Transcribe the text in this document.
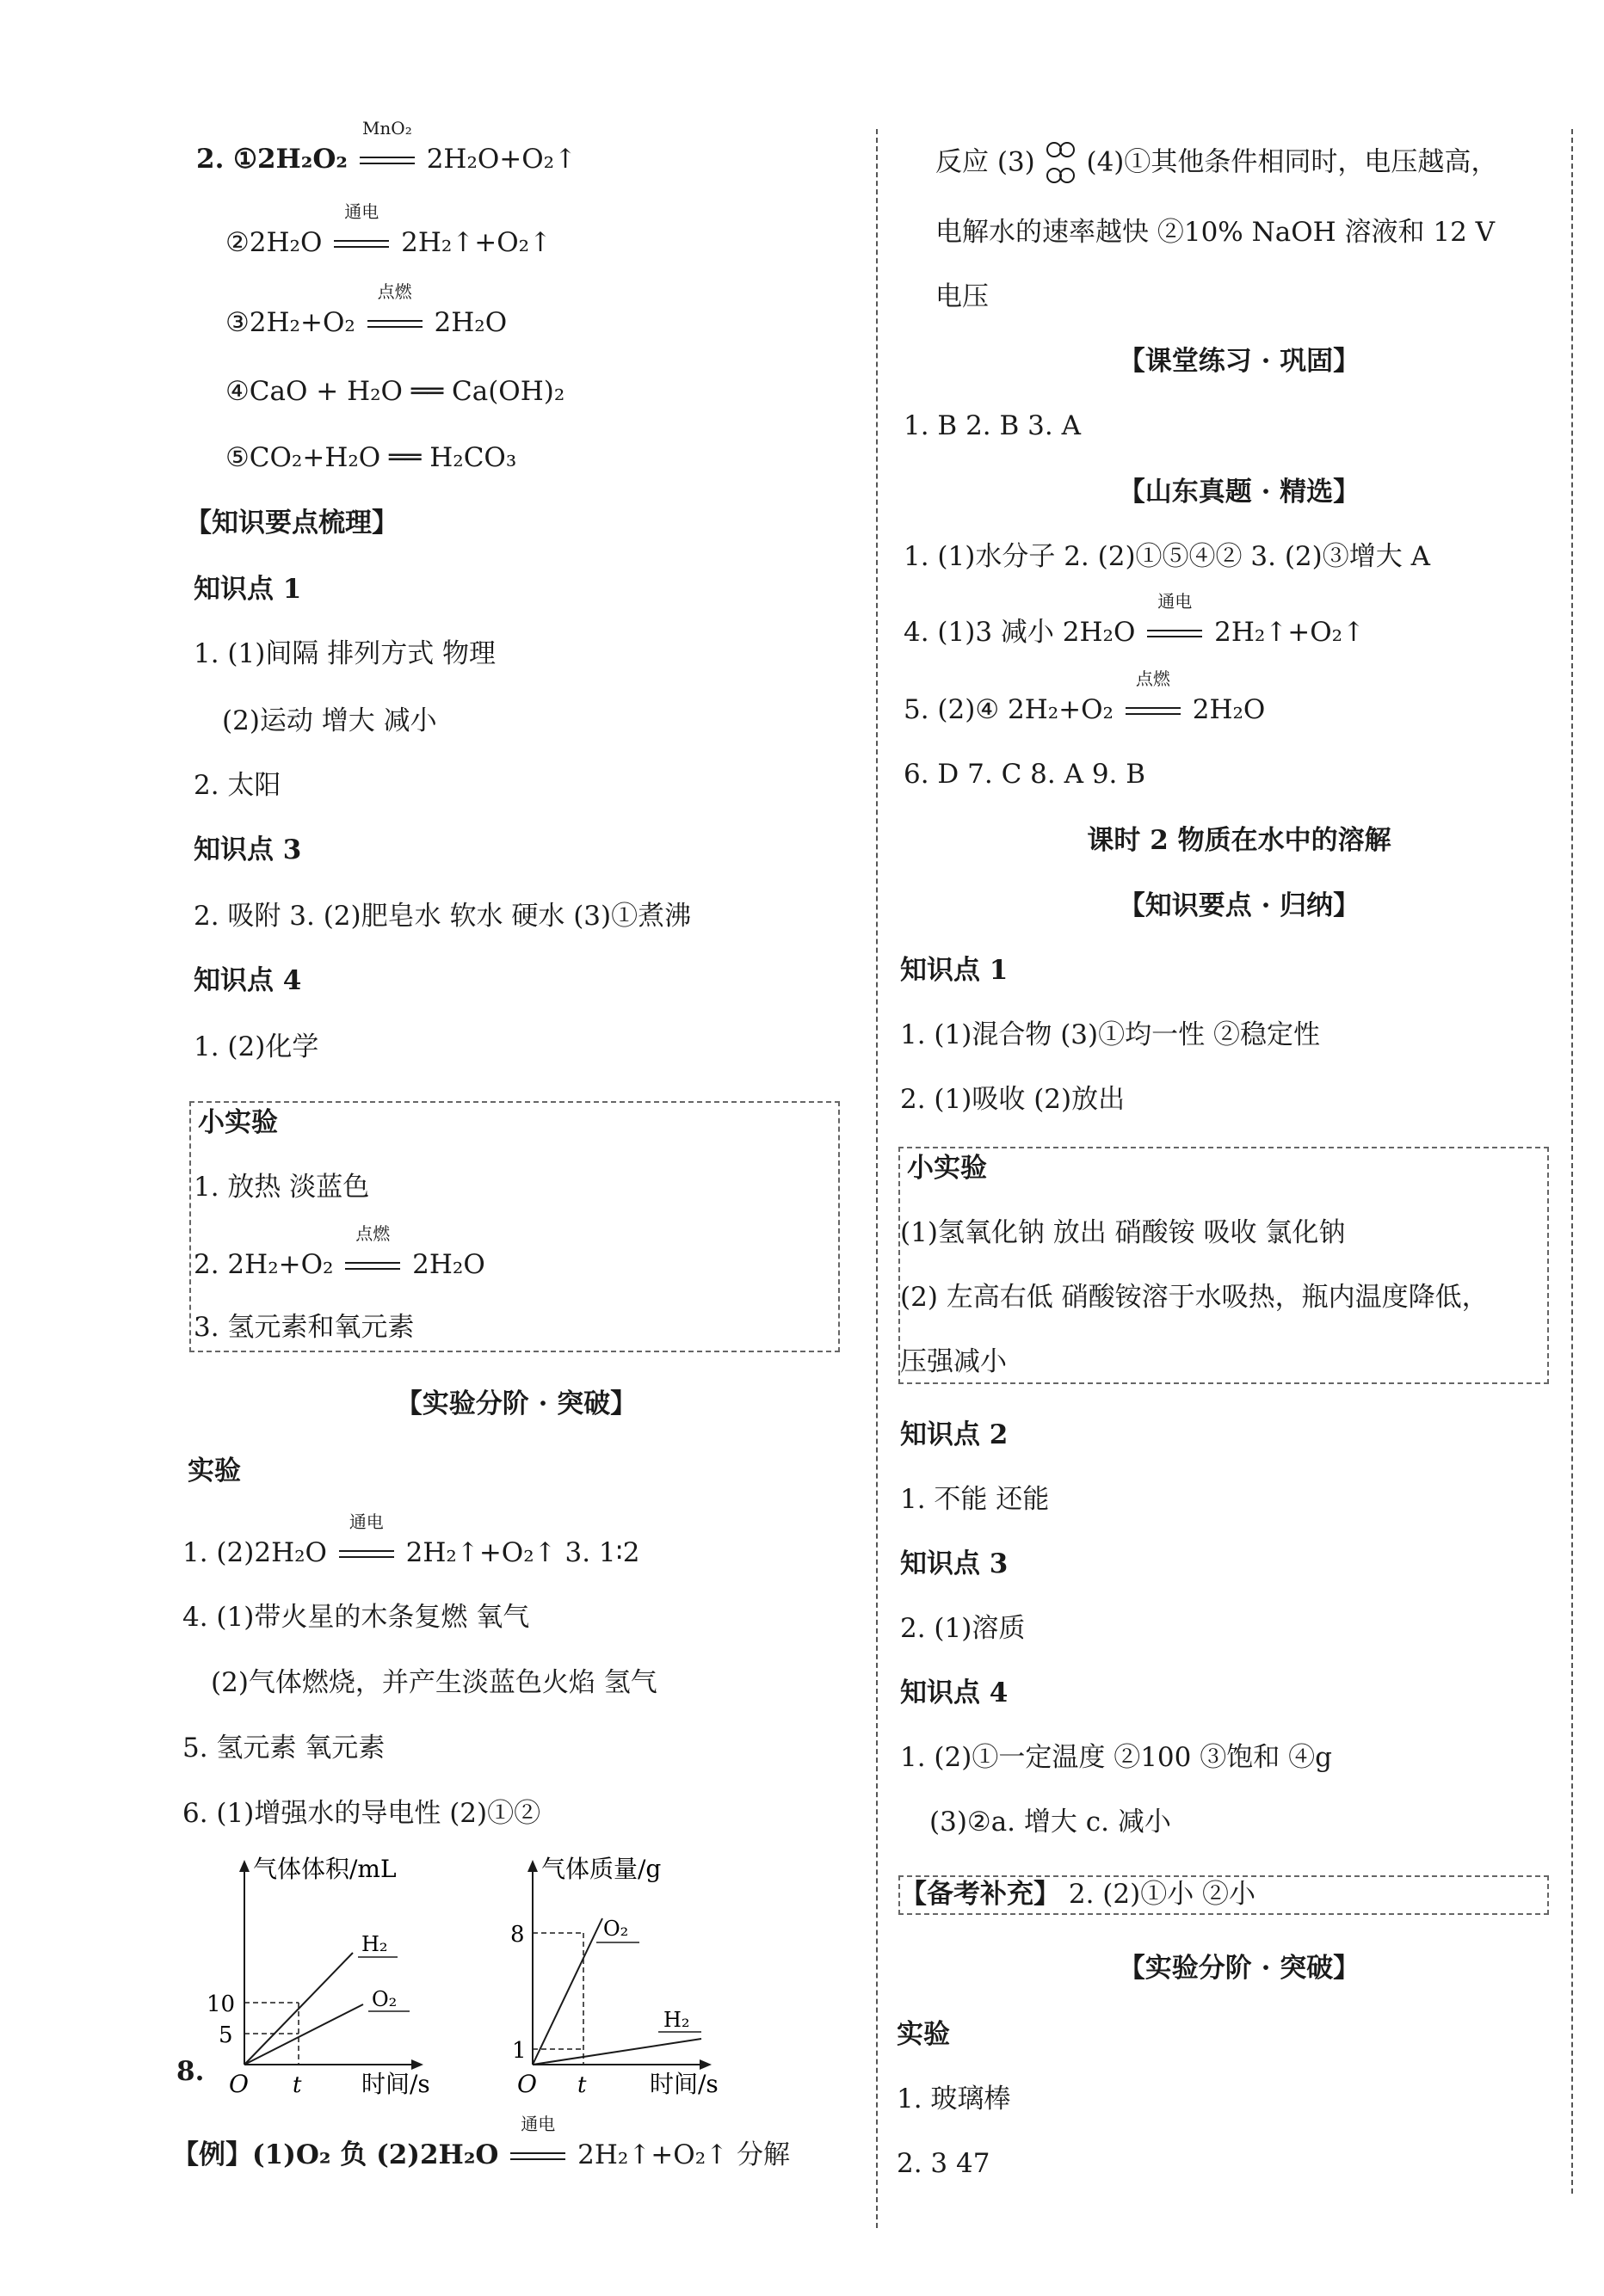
2. ①2H₂O₂
MnO₂
2H₂O+O₂↑
②2H₂O
通电
2H₂↑+O₂↑
③2H₂+O₂
点燃
2H₂O
④CaO + H₂O ══ Ca(OH)₂
⑤CO₂+H₂O ══ H₂CO₃
【知识要点梳理】
知识点 1
1. (1)间隔 排列方式 物理
(2)运动 增大 减小
2. 太阳
知识点 3
2. 吸附 3. (2)肥皂水 软水 硬水 (3)①煮沸
知识点 4
1. (2)化学
小实验
1. 放热 淡蓝色
2. 2H₂+O₂
点燃
2H₂O
3. 氢元素和氧元素
【实验分阶 · 突破】
实验
1. (2)2H₂O
通电
2H₂↑+O₂↑ 3. 1∶2
4. (1)带火星的木条复燃 氧气
(2)气体燃烧，并产生淡蓝色火焰 氢气
5. 氢元素 氧元素
6. (1)增强水的导电性 (2)①②
8.
气体体积/mL
时间/s
O t
10
5
H₂
O₂
气体质量/g
时间/s
O t
8
1
O₂
H₂
【例】(1)O₂ 负 (2)2H₂O
通电
2H₂↑+O₂↑ 分解
反应 (3)  (4)①其他条件相同时，电压越高，
电解水的速率越快 ②10% NaOH 溶液和 12 V
电压
【课堂练习 · 巩固】
1. B 2. B 3. A
【山东真题 · 精选】
1. (1)水分子 2. (2)①⑤④② 3. (2)③增大 A
4. (1)3 减小 2H₂O
通电
2H₂↑+O₂↑
5. (2)④ 2H₂+O₂
点燃
2H₂O
6. D 7. C 8. A 9. B
课时 2 物质在水中的溶解
【知识要点 · 归纳】
知识点 1
1. (1)混合物 (3)①均一性 ②稳定性
2. (1)吸收 (2)放出
小实验
(1)氢氧化钠 放出 硝酸铵 吸收 氯化钠
(2) 左高右低 硝酸铵溶于水吸热，瓶内温度降低，
压强减小
知识点 2
1. 不能 还能
知识点 3
2. (1)溶质
知识点 4
1. (2)①一定温度 ②100 ③饱和 ④g
(3)②a. 增大 c. 减小
【备考补充】 2. (2)①小 ②小
【实验分阶 · 突破】
实验
1. 玻璃棒
2. 3 47
